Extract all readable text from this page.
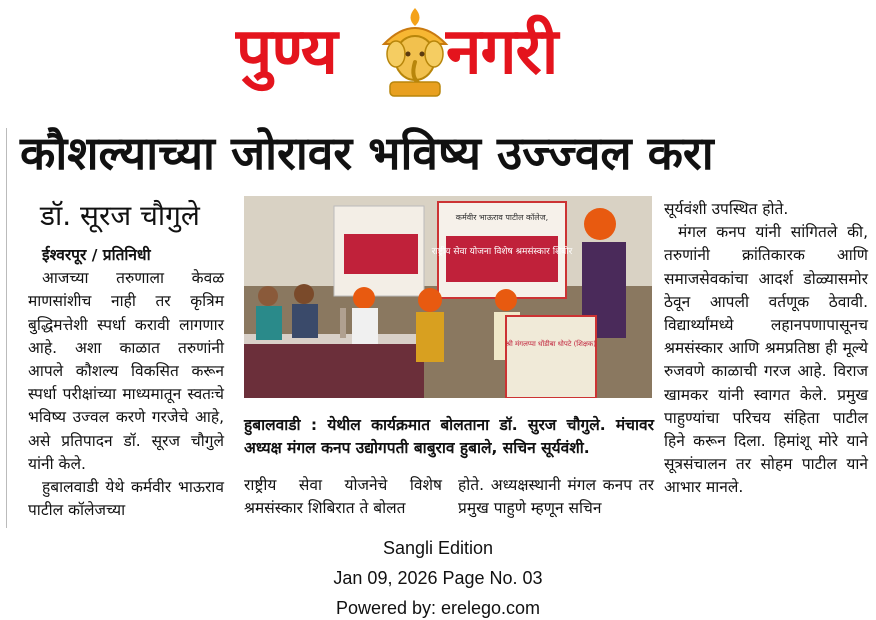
पुण्य नगरी
कौशल्याच्या जोरावर भविष्य उज्ज्वल करा
डॉ. सूरज चौगुले
ईश्वरपूर / प्रतिनिधी

आजच्या तरुणाला केवळ माणसांशीच नाही तर कृत्रिम बुद्धिमत्तेशी स्पर्धा करावी लागणार आहे. अशा काळात तरुणांनी आपले कौशल्य विकसित करून स्पर्धा परीक्षांच्या माध्यमातून स्वतःचे भविष्य उज्वल करणे गरजेचे आहे, असे प्रतिपादन डॉ. सूरज चौगुले यांनी केले.

हुबालवाडी येथे कर्मवीर भाऊराव पाटील कॉलेजच्या

राष्ट्रीय सेवा योजना विशेष श्रमसंस्कार शिबीर
कर्मवीर भाऊराव पाटील कॉलेज,
श्री मंगलप्पा धोंडीबा धोपटे (शिक्षक)
हुबालवाडी : येथील कार्यक्रमात बोलताना डॉ. सुरज चौगुले. मंचावर अध्यक्ष मंगल कनप उद्योगपती बाबुराव हुबाले, सचिन सूर्यवंशी.
राष्ट्रीय सेवा योजनेचे विशेष श्रमसंस्कार शिबिरात ते बोलत
होते. अध्यक्षस्थानी मंगल कनप तर प्रमुख पाहुणे म्हणून सचिन
सूर्यवंशी उपस्थित होते.

मंगल कनप यांनी सांगितले की, तरुणांनी क्रांतिकारक आणि समाजसेवकांचा आदर्श डोळ्यासमोर ठेवून आपली वर्तणूक ठेवावी. विद्यार्थ्यांमध्ये लहानपणापासूनच श्रमसंस्कार आणि श्रमप्रतिष्ठा ही मूल्ये रुजवणे काळाची गरज आहे. विराज खामकर यांनी स्वागत केले. प्रमुख पाहुण्यांचा परिचय संहिता पाटील हिने करून दिला. हिमांशू मोरे याने सूत्रसंचालन तर सोहम पाटील याने आभार मानले.

Sangli Edition
Jan 09, 2026 Page No. 03
Powered by: erelego.com
